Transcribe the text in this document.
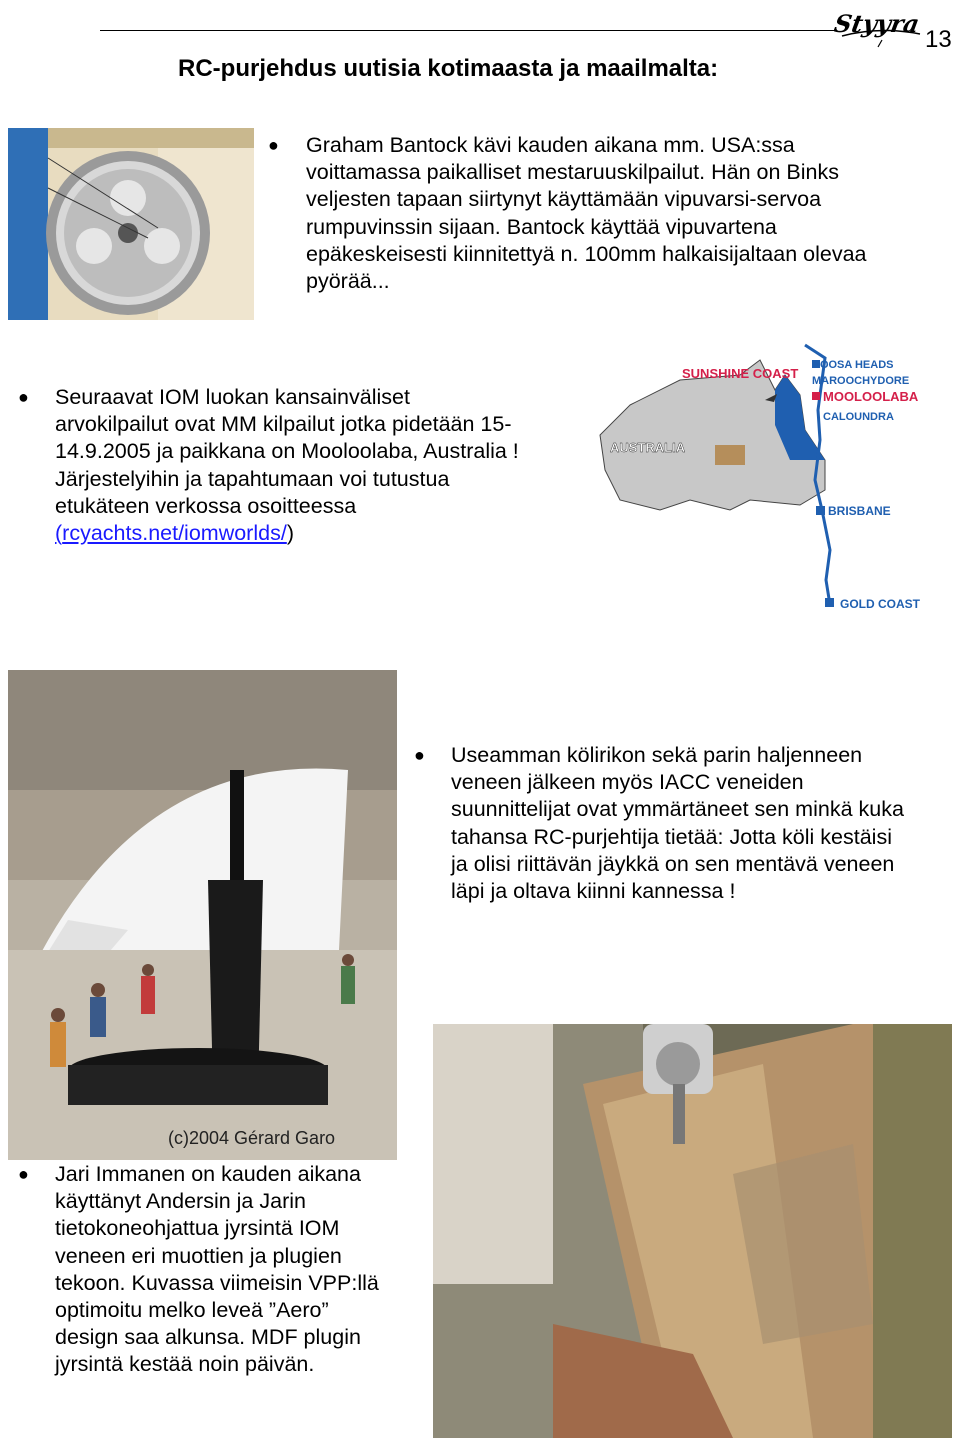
Styyra
13
RC-purjehdus uutisia kotimaasta ja maailmalta:
● Graham Bantock kävi kauden aikana mm. USA:ssa
voittamassa paikalliset mestaruuskilpailut. Hän on Binks
veljesten tapaan siirtynyt käyttämään vipuvarsi-servoa
rumpuvinssin sijaan. Bantock käyttää vipuvartena
epäkeskeisesti kiinnitettyä n. 100mm halkaisijaltaan olevaa
pyörää...
● Seuraavat IOM luokan kansainväliset
arvokilpailut ovat MM kilpailut jotka pidetään 15-
14.9.2005 ja paikkana on Mooloolaba, Australia !
Järjestelyihin ja tapahtumaan voi tutustua
etukäteen verkossa osoitteessa
(rcyachts.net/iomworlds/)
AUSTRALIA
SUNSHINE COAST
NOOSA HEADS
MAROOCHYDORE
MOOLOOLABA
CALOUNDRA
BRISBANE
GOLD COAST
(c)2004 Gérard Garo
● Useamman kölirikon sekä parin haljenneen
veneen jälkeen myös IACC veneiden
suunnittelijat ovat ymmärtäneet sen minkä kuka
tahansa RC-purjehtija tietää: Jotta köli kestäisi
ja olisi riittävän jäykkä on sen mentävä veneen
läpi ja oltava kiinni kannessa !
● Jari Immanen on kauden aikana
käyttänyt Andersin ja Jarin
tietokoneohjattua jyrsintä IOM
veneen eri muottien ja plugien
tekoon. Kuvassa viimeisin VPP:llä
optimoitu melko leveä ”Aero”
design saa alkunsa. MDF plugin
jyrsintä kestää noin päivän.
